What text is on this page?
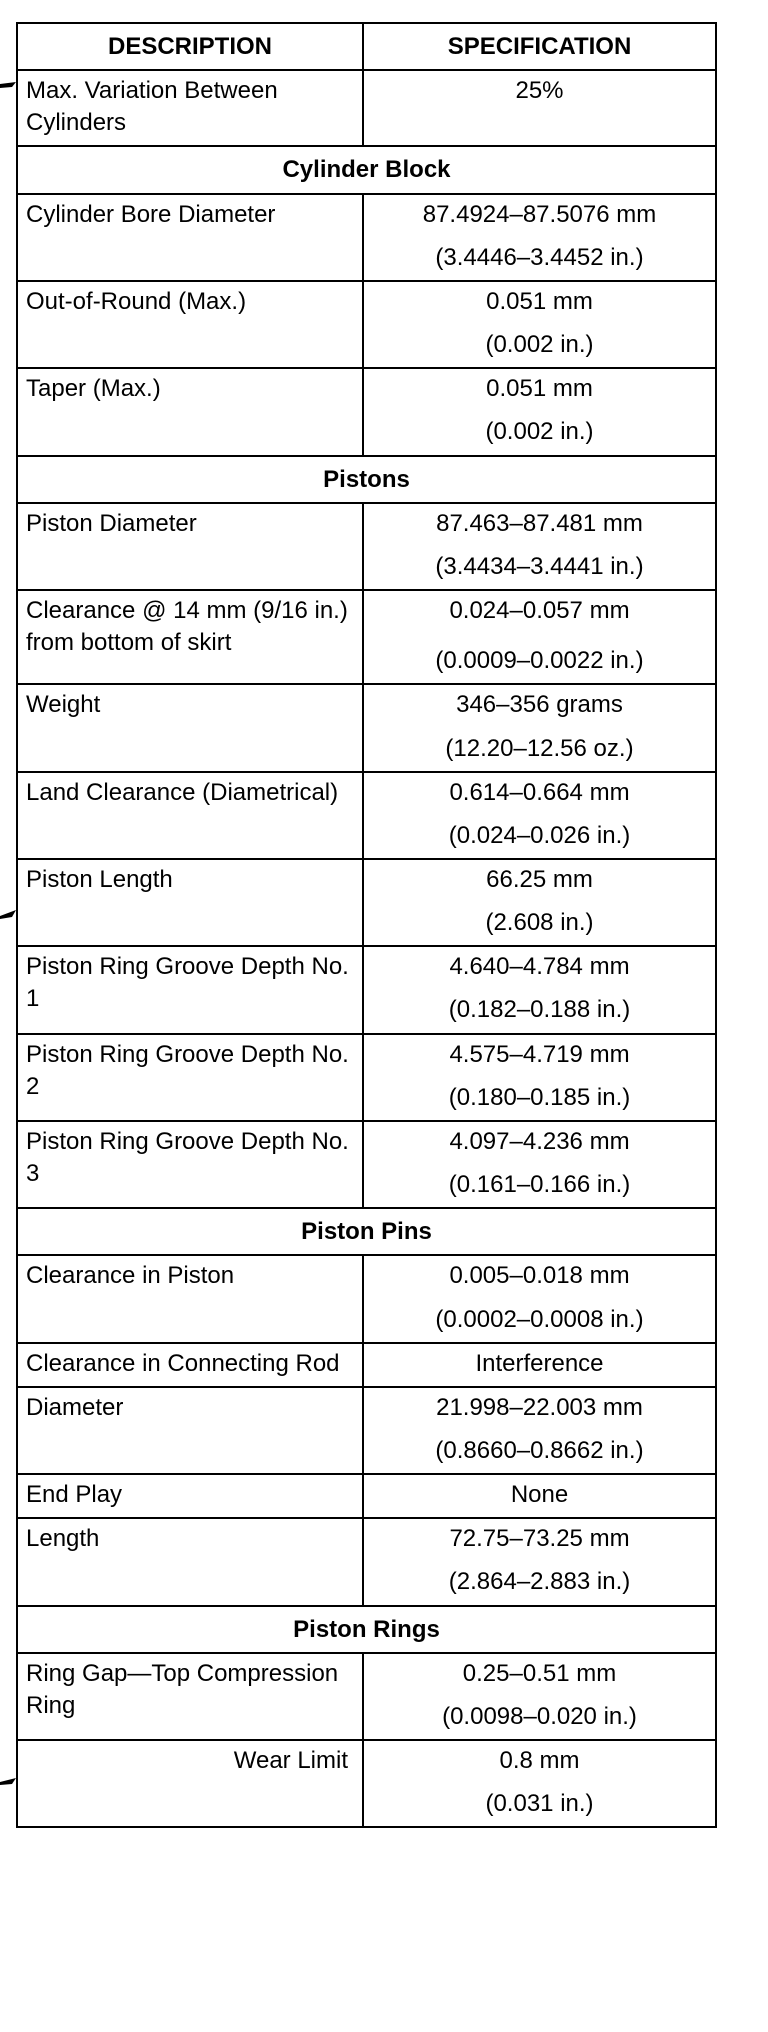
DESCRIPTION	SPECIFICATION
Max. Variation Between Cylinders	25%
Cylinder Block	
Cylinder Bore Diameter	87.4924–87.5076 mm
(3.4446–3.4452 in.)

Out-of-Round (Max.)	0.051 mm
(0.002 in.)

Taper (Max.)	0.051 mm
(0.002 in.)

Pistons	
Piston Diameter	87.463–87.481 mm
(3.4434–3.4441 in.)

Clearance @ 14 mm (9/16 in.) from bottom of skirt	0.024–0.057 mm
(0.0009–0.0022 in.)

Weight	346–356 grams
(12.20–12.56 oz.)

Land Clearance (Diametrical)	0.614–0.664 mm
(0.024–0.026 in.)

Piston Length	66.25 mm
(2.608 in.)

Piston Ring Groove Depth No. 1	4.640–4.784 mm
(0.182–0.188 in.)

Piston Ring Groove Depth No. 2	4.575–4.719 mm
(0.180–0.185 in.)

Piston Ring Groove Depth No. 3	4.097–4.236 mm
(0.161–0.166 in.)

Piston Pins	
Clearance in Piston	0.005–0.018 mm
(0.0002–0.0008 in.)

Clearance in Connecting Rod	Interference

Diameter	21.998–22.003 mm
(0.8660–0.8662 in.)

End Play	None

Length	72.75–73.25 mm
(2.864–2.883 in.)

Piston Rings	
Ring Gap—Top Compression Ring	0.25–0.51 mm
(0.0098–0.020 in.)

Wear Limit	0.8 mm
(0.031 in.)
